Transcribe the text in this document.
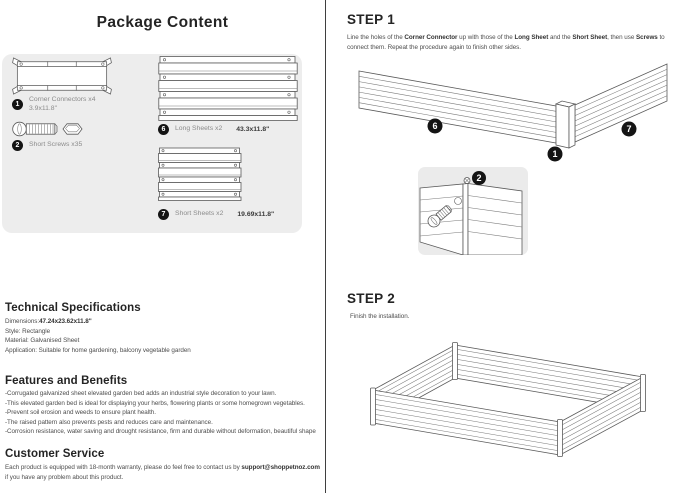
Package Content
1
Corner Connectors x4
3.9x11.8"
2	Short Screws x35
6	Long Sheets x2 43.3x11.8"
7	Short Sheets x2 19.69x11.8"
Technical Specifications
Dimensions:47.24x23.62x11.8"
Style: Rectangle
Material: Galvanised Sheet
Application: Suitable for home gardening, balcony vegetable garden
Features and Benefits
-Corrugated galvanized sheet elevated garden bed adds an industrial style decoration to your lawn.
-This elevated garden bed is ideal for displaying your herbs, flowering plants or some homegrown vegetables.
-Prevent soil erosion and weeds to ensure plant health.
-The raised pattern also prevents pests and reduces care and maintenance.
-Corrosion resistance, water saving and drought resistance, firm and durable without deformation, beautiful shape
Customer Service
Each product is equipped with 18-month warranty, please do feel free to contact us by support@shoppetnoz.com if you have any problem about this product.
STEP 1
Line the holes of the Corner Connector up with those of the Long Sheet and the Short Sheet, then use Screws to connect them. Repeat the procedure again to finish other sides.
6
1
7
2
STEP 2
Finish the installation.
